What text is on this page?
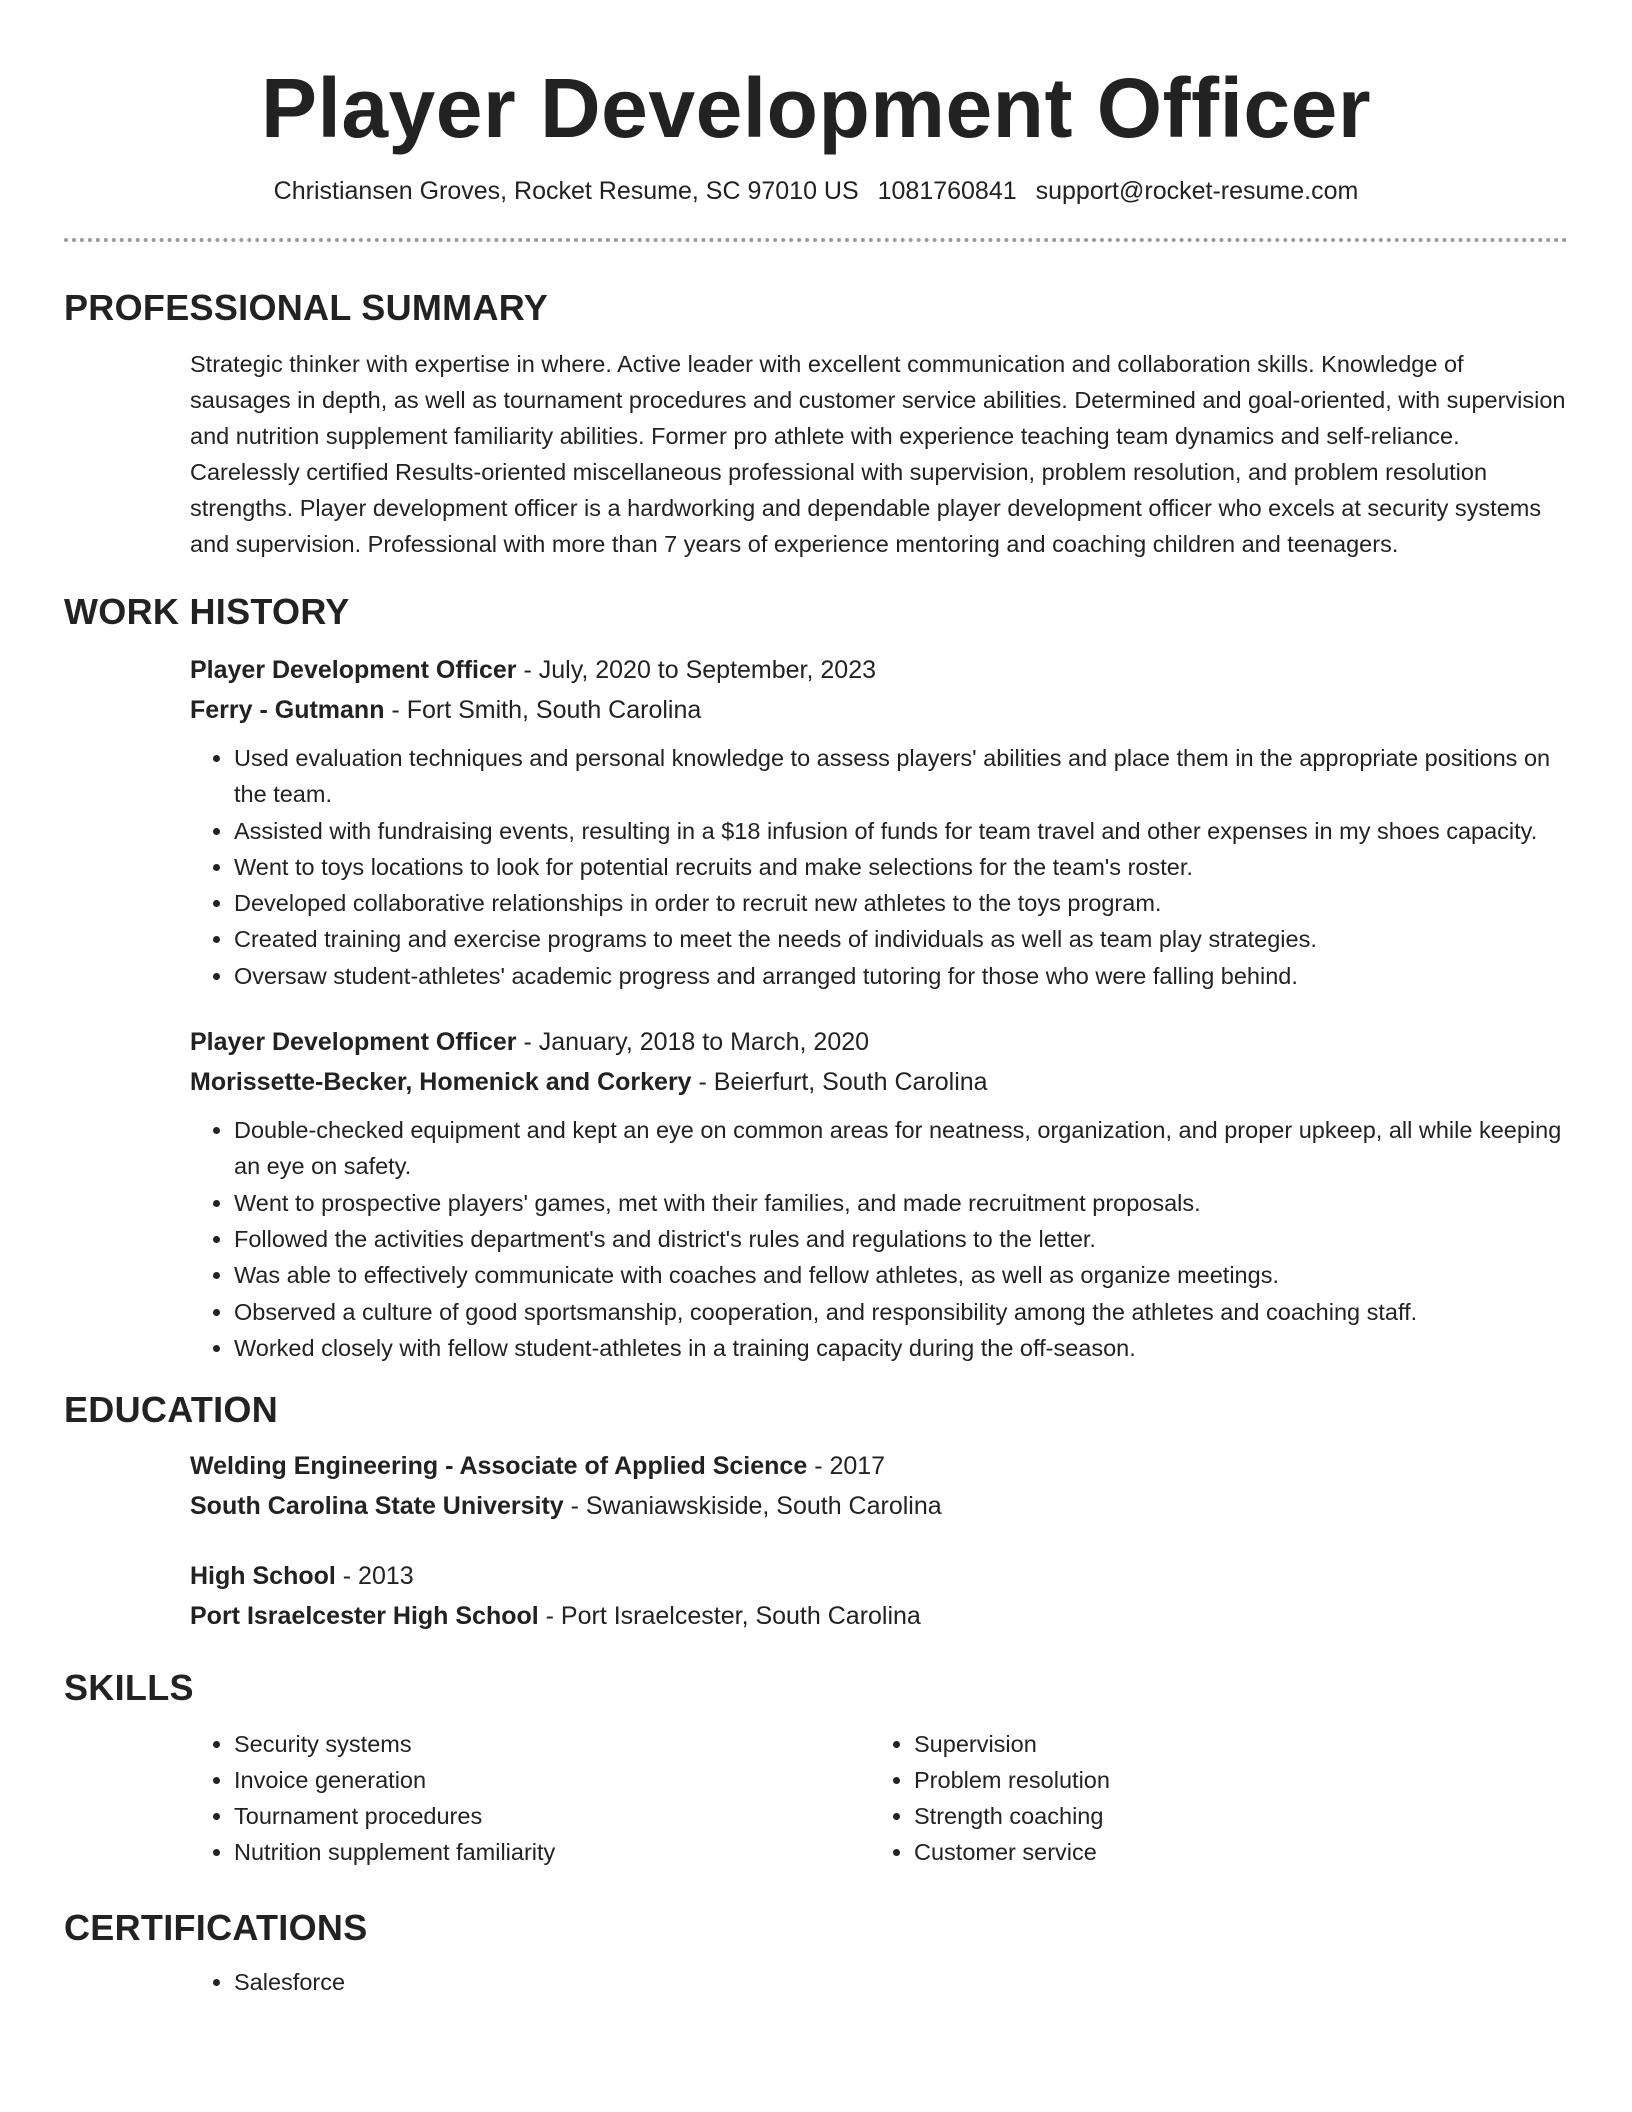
Player Development Officer
Christiansen Groves, Rocket Resume, SC 97010 US 1081760841 support@rocket-resume.com
PROFESSIONAL SUMMARY

Strategic thinker with expertise in where. Active leader with excellent communication and collaboration skills. Knowledge of sausages in depth, as well as tournament procedures and customer service abilities. Determined and goal-oriented, with supervision and nutrition supplement familiarity abilities. Former pro athlete with experience teaching team dynamics and self-reliance. Carelessly certified Results-oriented miscellaneous professional with supervision, problem resolution, and problem resolution strengths. Player development officer is a hardworking and dependable player development officer who excels at security systems and supervision. Professional with more than 7 years of experience mentoring and coaching children and teenagers.

WORK HISTORY

Player Development Officer - July, 2020 to September, 2023

Ferry - Gutmann - Fort Smith, South Carolina

• Used evaluation techniques and personal knowledge to assess players' abilities and place them in the appropriate positions on the team.
• Assisted with fundraising events, resulting in a $18 infusion of funds for team travel and other expenses in my shoes capacity.
• Went to toys locations to look for potential recruits and make selections for the team's roster.
• Developed collaborative relationships in order to recruit new athletes to the toys program.
• Created training and exercise programs to meet the needs of individuals as well as team play strategies.
• Oversaw student-athletes' academic progress and arranged tutoring for those who were falling behind.

Player Development Officer - January, 2018 to March, 2020

Morissette-Becker, Homenick and Corkery - Beierfurt, South Carolina

• Double-checked equipment and kept an eye on common areas for neatness, organization, and proper upkeep, all while keeping an eye on safety.
• Went to prospective players' games, met with their families, and made recruitment proposals.
• Followed the activities department's and district's rules and regulations to the letter.
• Was able to effectively communicate with coaches and fellow athletes, as well as organize meetings.
• Observed a culture of good sportsmanship, cooperation, and responsibility among the athletes and coaching staff.
• Worked closely with fellow student-athletes in a training capacity during the off-season.
EDUCATION

Welding Engineering - Associate of Applied Science - 2017

South Carolina State University - Swaniawskiside, South Carolina

High School - 2013

Port Israelcester High School - Port Israelcester, South Carolina

SKILLS
• Security systems
• Invoice generation
• Tournament procedures
• Nutrition supplement familiarity
• Supervision
• Problem resolution
• Strength coaching
• Customer service
CERTIFICATIONS
• Salesforce
